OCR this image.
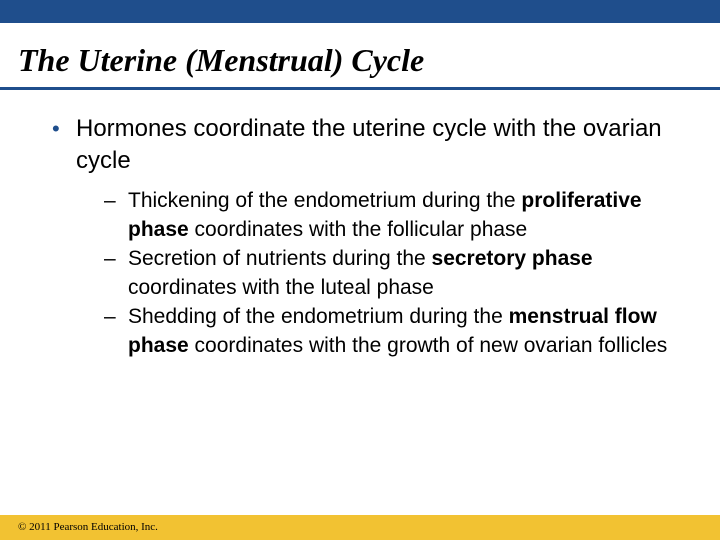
The Uterine (Menstrual) Cycle
• Hormones coordinate the uterine cycle with the ovarian cycle
– Thickening of the endometrium during the proliferative phase coordinates with the follicular phase
– Secretion of nutrients during the secretory phase coordinates with the luteal phase
– Shedding of the endometrium during the menstrual flow phase coordinates with the growth of new ovarian follicles
© 2011 Pearson Education, Inc.
